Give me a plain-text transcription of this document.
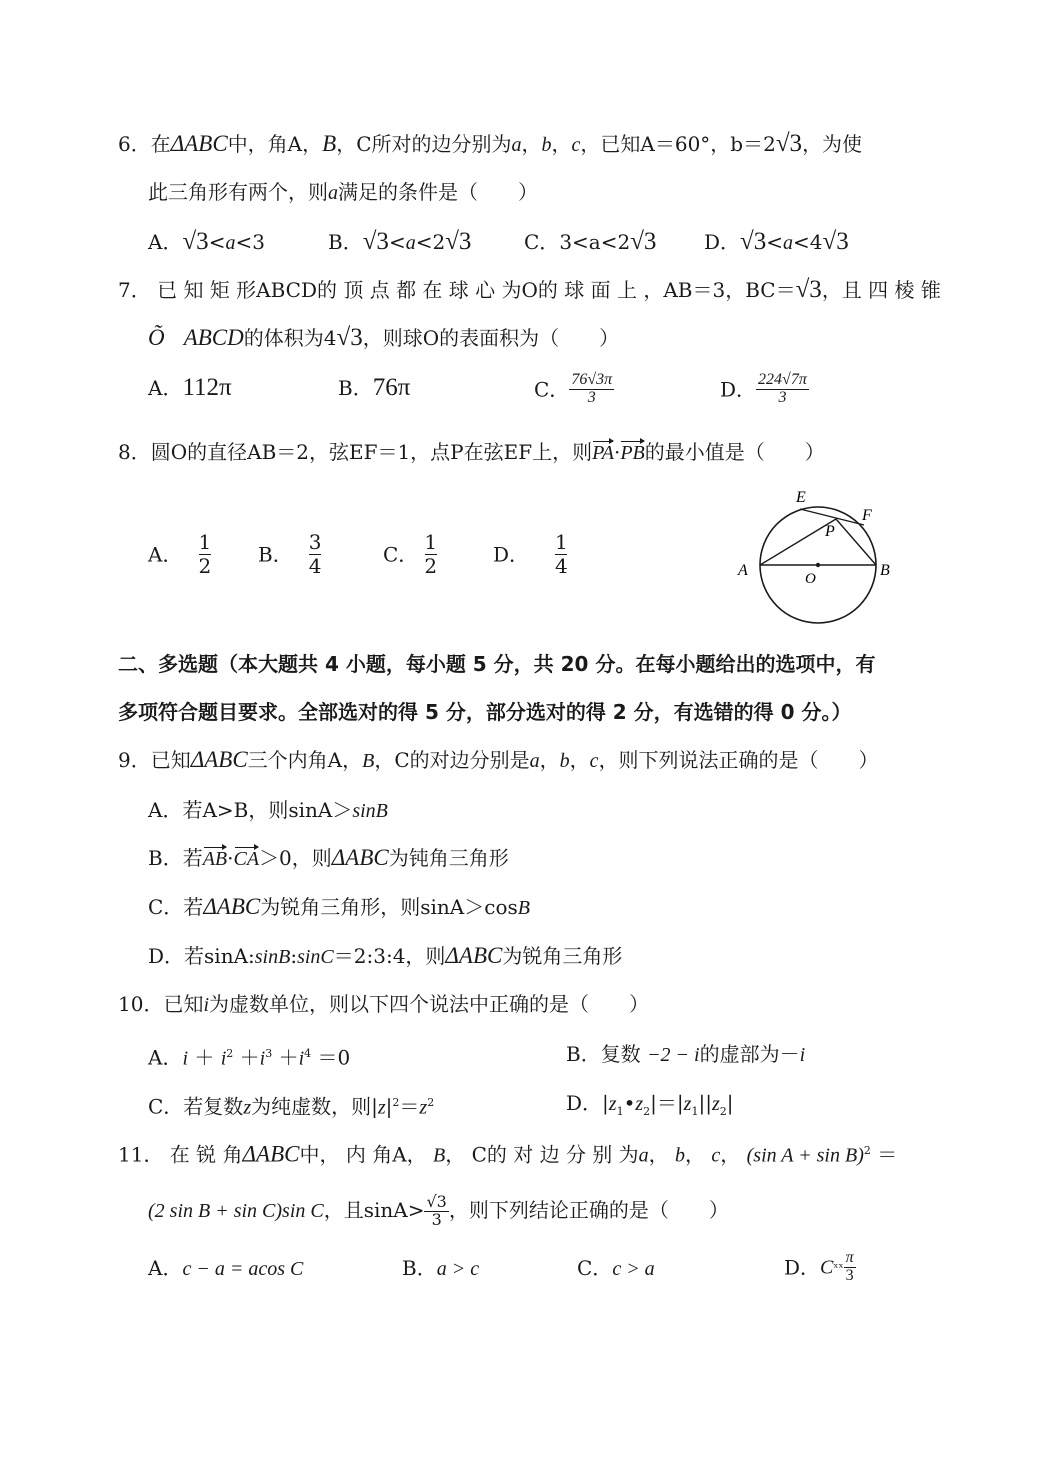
6．在ΔABC中，角A，B，C所对的边分别为a，b，c，已知A＝60°，b＝2√3，为使
此三角形有两个，则a满足的条件是（　　）
A．√3<a<3	B．√3<a<2√3	C．3<a<2√3 D．√3<a<4√3
7． 已 知 矩 形ABCD的 顶 点 都 在 球 心 为O的 球 面 上 ，AB＝3，BC＝√3，且 四 棱 锥
Õ ABCD的体积为4√3，则球O的表面积为（　　）
A．112π	B．76π	C． $\frac{76√3\pi}{3}$	D． $\frac{224√7\pi}{3}$
8．圆O的直径AB＝2，弦EF＝1，点P在弦EF上，则PA·PB的最小值是（　　）
A． $\frac{1}{2}$ B． $\frac{3}{4}$	C． $\frac{1}{2}$	D． $\frac{1}{4}$	A	B
O
E
F
P
二、多选题（本大题共 4 小题，每小题 5 分，共 20 分。在每小题给出的选项中，有
多项符合题目要求。全部选对的得 5 分，部分选对的得 2 分，有选错的得 0 分。）
9．已知ΔABC三个内角A，B，C的对边分别是a，b，c，则下列说法正确的是（　　）
A．若A>B，则sinA＞sinB
B．若AB·CA＞0，则ΔABC为钝角三角形
C．若ΔABC为锐角三角形，则sinA＞cosB
D．若sinA:sinB:sinC＝2:3:4，则ΔABC为锐角三角形
10．已知i为虚数单位，则以下四个说法中正确的是（　　）
A．$i + i^2 +i^3 +i^4 =0$	B．复数 −2 − i的虚部为－i
C．若复数z为纯虚数，则$|z|^2=z^2$	D．$|z_1•z_2|=|z_1||z_2|$
11． 在 锐 角ΔABC中， 内 角A， B， C的 对 边 分 别 为a， b， c， (sin A + sin B)$^2$ ＝
(2 sin B + sin C)sin C，且$\sin A> \frac{√3}{3}$ ，则下列结论正确的是（　　）
A．c − a = acos C	B．a > c	C．c > a	D．Cˣˣ $\frac{\pi}{3}$
